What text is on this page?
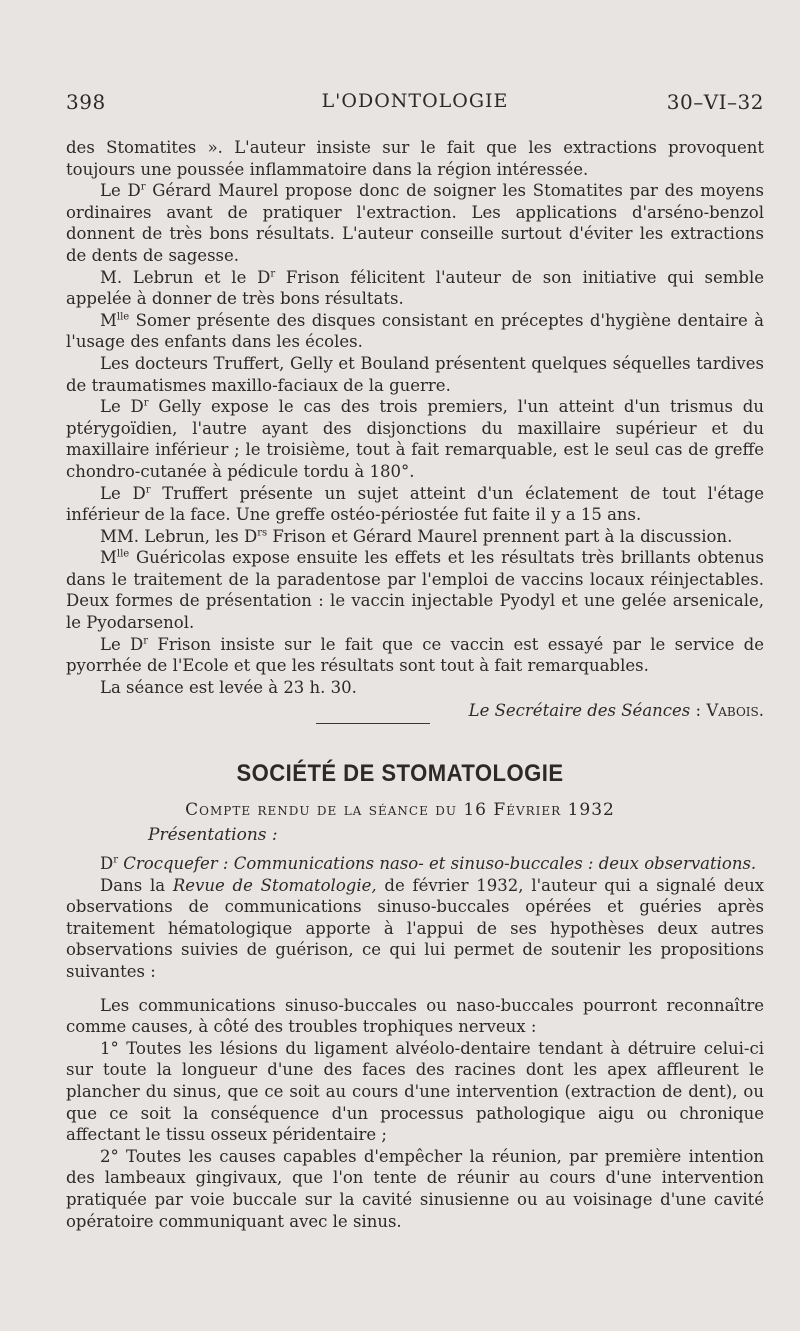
398	L'ODONTOLOGIE	30–VI–32

des Stomatites ». L'auteur insiste sur le fait que les extractions provoquent toujours une poussée inflammatoire dans la région intéressée.

Le $D^r$ Gérard Maurel propose donc de soigner les Stomatites par des moyens ordinaires avant de pratiquer l'extraction. Les applications d'arséno-benzol donnent de très bons résultats. L'auteur conseille surtout d'éviter les extractions de dents de sagesse.

M. Lebrun et le $D^r$ Frison félicitent l'auteur de son initiative qui semble appelée à donner de très bons résultats.

$M^{lle}$ Somer présente des disques consistant en préceptes d'hygiène dentaire à l'usage des enfants dans les écoles.

Les docteurs Truffert, Gelly et Bouland présentent quelques séquelles tardives de traumatismes maxillo-faciaux de la guerre.

Le $D^r$ Gelly expose le cas des trois premiers, l'un atteint d'un trismus du ptérygoïdien, l'autre ayant des disjonctions du maxillaire supérieur et du maxillaire inférieur ; le troisième, tout à fait remarquable, est le seul cas de greffe chondro-cutanée à pédicule tordu à 180°.

Le $D^r$ Truffert présente un sujet atteint d'un éclatement de tout l'étage inférieur de la face. Une greffe ostéo-périostée fut faite il y a 15 ans.

MM. Lebrun, les $D^{rs}$ Frison et Gérard Maurel prennent part à la discussion.

$M^{lle}$ Guéricolas expose ensuite les effets et les résultats très brillants obtenus dans le traitement de la paradentose par l'emploi de vaccins locaux réinjectables. Deux formes de présentation : le vaccin injectable Pyodyl et une gelée arsenicale, le Pyodarsenol.

Le $D^r$ Frison insiste sur le fait que ce vaccin est essayé par le service de pyorrhée de l'Ecole et que les résultats sont tout à fait remarquables.

La séance est levée à 23 h. 30.

Le Secrétaire des Séances : Vabois.

SOCIÉTÉ DE STOMATOLOGIE
Compte rendu de la séance du 16 Février 1932
Présentations :

$D^r$ Crocquefer : Communications naso- et sinuso-buccales : deux observations.

Dans la Revue de Stomatologie, de février 1932, l'auteur qui a signalé deux observations de communications sinuso-buccales opérées et guéries après traitement hématologique apporte à l'appui de ses hypothèses deux autres observations suivies de guérison, ce qui lui permet de soutenir les propositions suivantes :

Les communications sinuso-buccales ou naso-buccales pourront reconnaître comme causes, à côté des troubles trophiques nerveux :

1° Toutes les lésions du ligament alvéolo-dentaire tendant à détruire celui-ci sur toute la longueur d'une des faces des racines dont les apex affleurent le plancher du sinus, que ce soit au cours d'une intervention (extraction de dent), ou que ce soit la conséquence d'un processus pathologique aigu ou chronique affectant le tissu osseux péridentaire ;

2° Toutes les causes capables d'empêcher la réunion, par première intention des lambeaux gingivaux, que l'on tente de réunir au cours d'une intervention pratiquée par voie buccale sur la cavité sinusienne ou au voisinage d'une cavité opératoire communiquant avec le sinus.
